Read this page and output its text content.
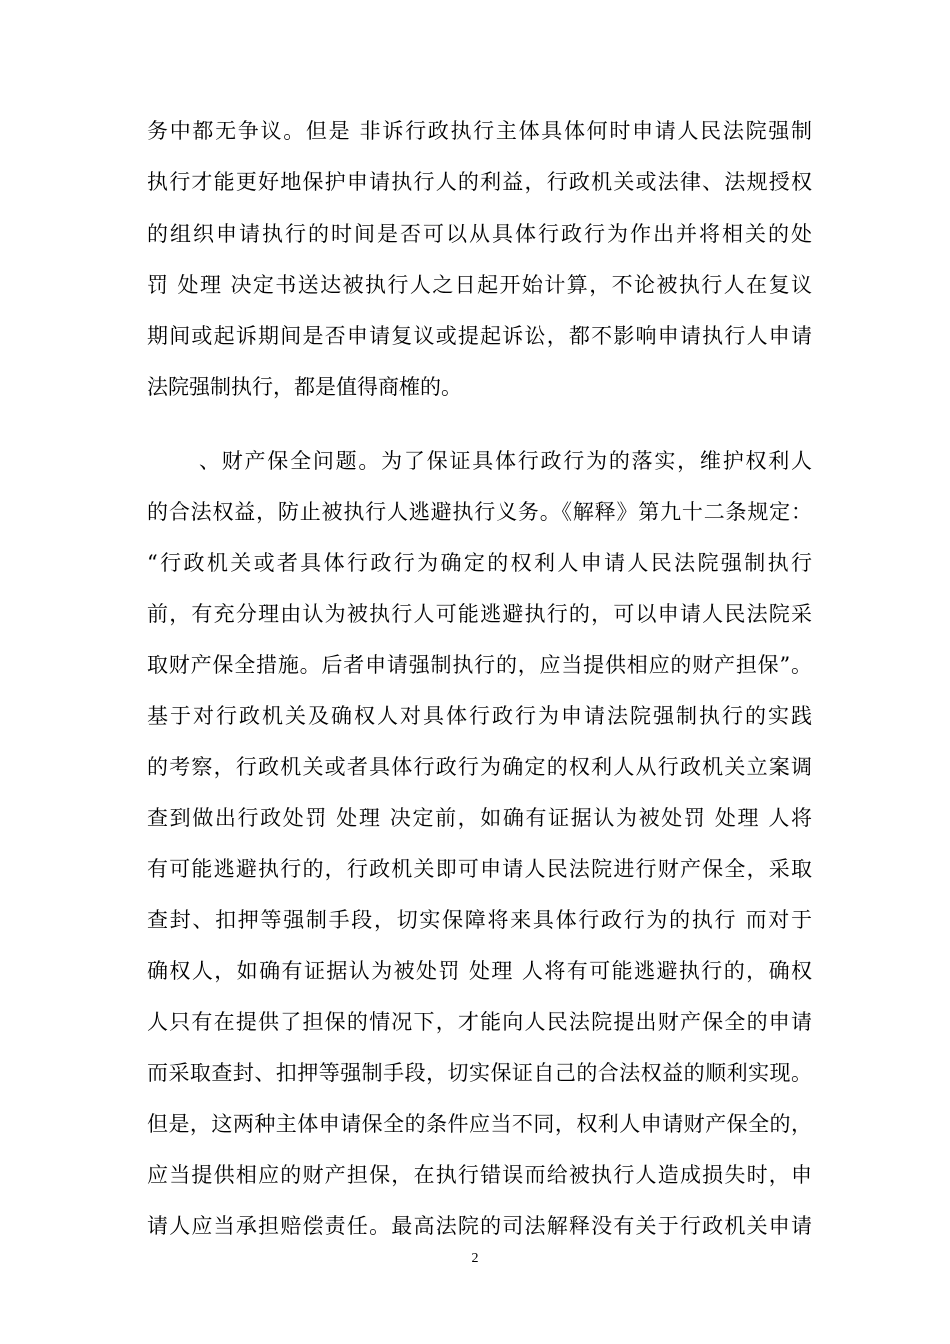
务中都无争议。但是 非诉行政执行主体具体何时申请人民法院强制
执行才能更好地保护申请执行人的利益，行政机关或法律、法规授权
的组织申请执行的时间是否可以从具体行政行为作出并将相关的处
罚 处理 决定书送达被执行人之日起开始计算，不论被执行人在复议
期间或起诉期间是否申请复议或提起诉讼，都不影响申请执行人申请
法院强制执行，都是值得商榷的。
、财产保全问题。为了保证具体行政行为的落实，维护权利人
的合法权益，防止被执行人逃避执行义务。《解释》第九十二条规定：
“行政机关或者具体行政行为确定的权利人申请人民法院强制执行
前，有充分理由认为被执行人可能逃避执行的，可以申请人民法院采
取财产保全措施。后者申请强制执行的，应当提供相应的财产担保”。
基于对行政机关及确权人对具体行政行为申请法院强制执行的实践
的考察，行政机关或者具体行政行为确定的权利人从行政机关立案调
查到做出行政处罚 处理 决定前，如确有证据认为被处罚 处理 人将
有可能逃避执行的，行政机关即可申请人民法院进行财产保全，采取
查封、扣押等强制手段，切实保障将来具体行政行为的执行 而对于
确权人，如确有证据认为被处罚 处理 人将有可能逃避执行的，确权
人只有在提供了担保的情况下，才能向人民法院提出财产保全的申请
而采取查封、扣押等强制手段，切实保证自己的合法权益的顺利实现。
但是，这两种主体申请保全的条件应当不同，权利人申请财产保全的，
应当提供相应的财产担保，在执行错误而给被执行人造成损失时，申
请人应当承担赔偿责任。最高法院的司法解释没有关于行政机关申请
2
